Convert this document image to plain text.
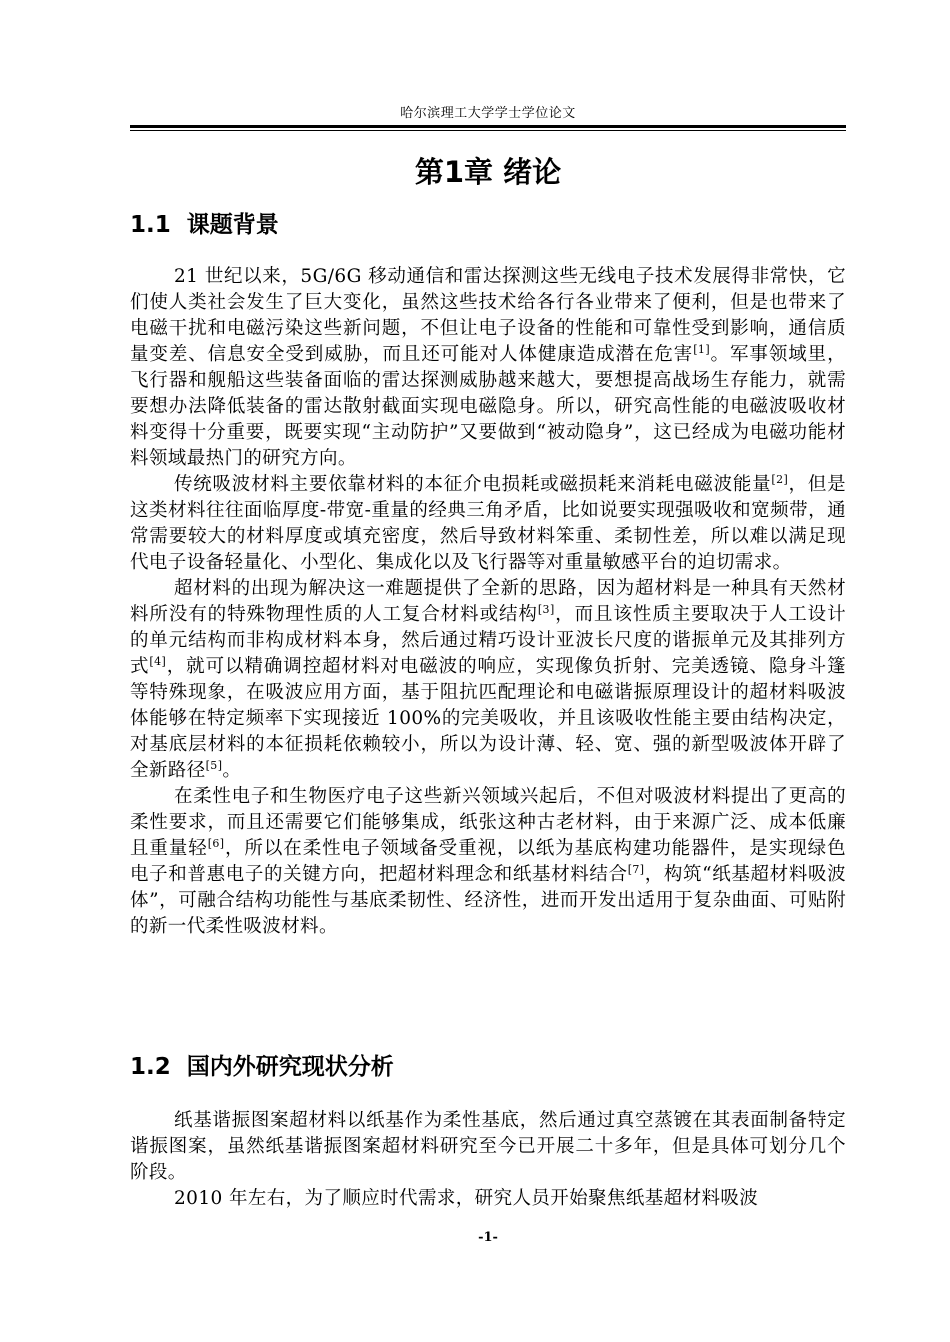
哈尔滨理工大学学士学位论文
第1章 绪论
1.1 课题背景

21 世纪以来，5G/6G 移动通信和雷达探测这些无线电子技术发展得非常快，它们使人类社会发生了巨大变化，虽然这些技术给各行各业带来了便利，但是也带来了电磁干扰和电磁污染这些新问题，不但让电子设备的性能和可靠性受到影响，通信质量变差、信息安全受到威胁，而且还可能对人体健康造成潜在危害[1]。军事领域里，飞行器和舰船这些装备面临的雷达探测威胁越来越大，要想提高战场生存能力，就需要想办法降低装备的雷达散射截面实现电磁隐身。所以，研究高性能的电磁波吸收材料变得十分重要，既要实现“主动防护”又要做到“被动隐身”，这已经成为电磁功能材料领域最热门的研究方向。

传统吸波材料主要依靠材料的本征介电损耗或磁损耗来消耗电磁波能量[2]，但是这类材料往往面临厚度-带宽-重量的经典三角矛盾，比如说要实现强吸收和宽频带，通常需要较大的材料厚度或填充密度，然后导致材料笨重、柔韧性差，所以难以满足现代电子设备轻量化、小型化、集成化以及飞行器等对重量敏感平台的迫切需求。

超材料的出现为解决这一难题提供了全新的思路，因为超材料是一种具有天然材料所没有的特殊物理性质的人工复合材料或结构[3]，而且该性质主要取决于人工设计的单元结构而非构成材料本身，然后通过精巧设计亚波长尺度的谐振单元及其排列方式[4]，就可以精确调控超材料对电磁波的响应，实现像负折射、完美透镜、隐身斗篷等特殊现象，在吸波应用方面，基于阻抗匹配理论和电磁谐振原理设计的超材料吸波体能够在特定频率下实现接近 100%的完美吸收，并且该吸收性能主要由结构决定，对基底层材料的本征损耗依赖较小，所以为设计薄、轻、宽、强的新型吸波体开辟了全新路径[5]。

在柔性电子和生物医疗电子这些新兴领域兴起后，不但对吸波材料提出了更高的柔性要求，而且还需要它们能够集成，纸张这种古老材料，由于来源广泛、成本低廉且重量轻[6]，所以在柔性电子领域备受重视，以纸为基底构建功能器件，是实现绿色电子和普惠电子的关键方向，把超材料理念和纸基材料结合[7]，构筑“纸基超材料吸波体”，可融合结构功能性与基底柔韧性、经济性，进而开发出适用于复杂曲面、可贴附的新一代柔性吸波材料。

1.2 国内外研究现状分析

纸基谐振图案超材料以纸基作为柔性基底，然后通过真空蒸镀在其表面制备特定谐振图案，虽然纸基谐振图案超材料研究至今已开展二十多年，但是具体可划分几个阶段。

2010 年左右，为了顺应时代需求，研究人员开始聚焦纸基超材料吸波

-1-
